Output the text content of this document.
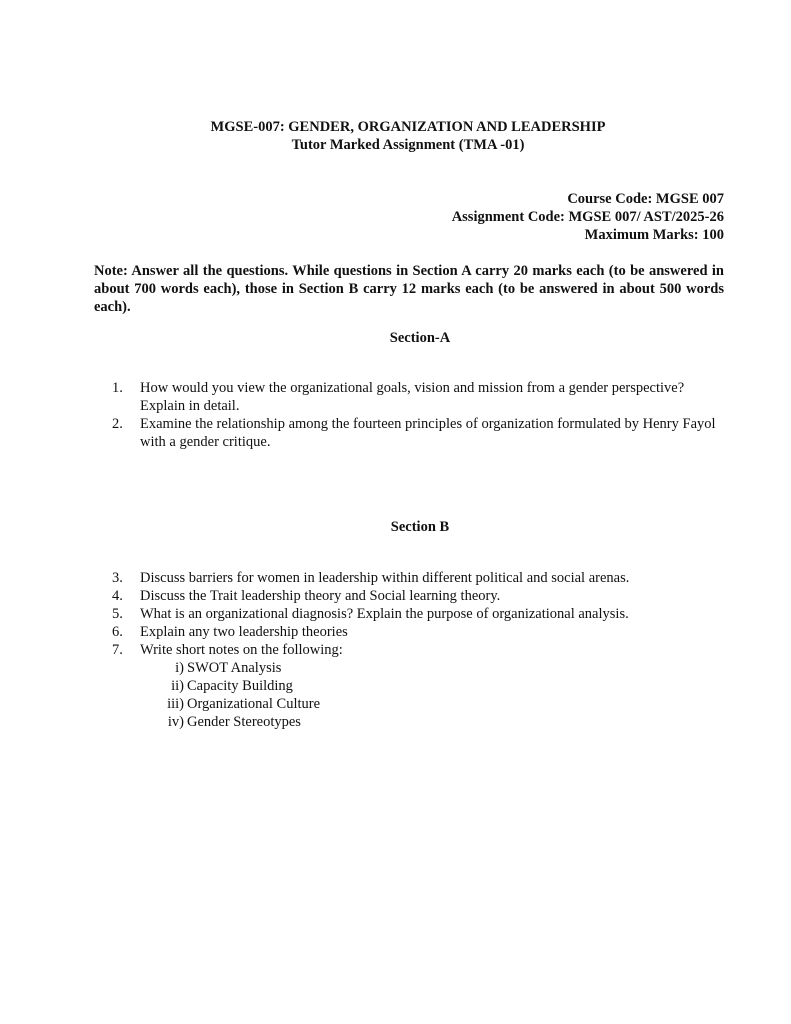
MGSE-007: GENDER, ORGANIZATION AND LEADERSHIP
Tutor Marked Assignment (TMA -01)
Course Code: MGSE 007
Assignment Code: MGSE 007/ AST/2025-26
Maximum Marks: 100
Note: Answer all the questions. While questions in Section A carry 20 marks each (to be answered in about 700 words each), those in Section B carry 12 marks each (to be answered in about 500 words each).
Section-A
1. How would you view the organizational goals, vision and mission from a gender perspective? Explain in detail.
2. Examine the relationship among the fourteen principles of organization formulated by Henry Fayol with a gender critique.
Section B
3. Discuss barriers for women in leadership within different political and social arenas.
4. Discuss the Trait leadership theory and Social learning theory.
5. What is an organizational diagnosis? Explain the purpose of organizational analysis.
6. Explain any two leadership theories
7. Write short notes on the following:
i) SWOT Analysis
ii) Capacity Building
iii) Organizational Culture
iv) Gender Stereotypes
